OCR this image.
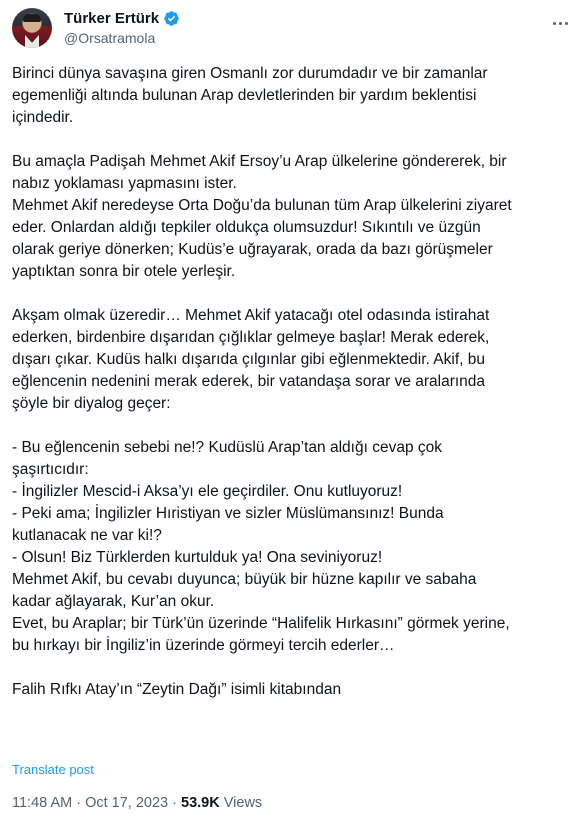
Türker Ertürk
@Orsatramola
Birinci dünya savaşına giren Osmanlı zor durumdadır ve bir zamanlar
egemenliği altında bulunan Arap devletlerinden bir yardım beklentisi
içindedir.
Bu amaçla Padişah Mehmet Akif Ersoy’u Arap ülkelerine göndererek, bir
nabız yoklaması yapmasını ister.
Mehmet Akif neredeyse Orta Doğu’da bulunan tüm Arap ülkelerini ziyaret
eder. Onlardan aldığı tepkiler oldukça olumsuzdur! Sıkıntılı ve üzgün
olarak geriye dönerken; Kudüs’e uğrayarak, orada da bazı görüşmeler
yaptıktan sonra bir otele yerleşir.
Akşam olmak üzeredir… Mehmet Akif yatacağı otel odasında istirahat
ederken, birdenbire dışarıdan çığlıklar gelmeye başlar! Merak ederek,
dışarı çıkar. Kudüs halkı dışarıda çılgınlar gibi eğlenmektedir. Akif, bu
eğlencenin nedenini merak ederek, bir vatandaşa sorar ve aralarında
şöyle bir diyalog geçer:
- Bu eğlencenin sebebi ne!? Kudüslü Arap’tan aldığı cevap çok
şaşırtıcıdır:
- İngilizler Mescid-i Aksa’yı ele geçirdiler. Onu kutluyoruz!
- Peki ama; İngilizler Hıristiyan ve sizler Müslümansınız! Bunda
kutlanacak ne var ki!?
- Olsun! Biz Türklerden kurtulduk ya! Ona seviniyoruz!
Mehmet Akif, bu cevabı duyunca; büyük bir hüzne kapılır ve sabaha
kadar ağlayarak, Kur’an okur.
Evet, bu Araplar; bir Türk’ün üzerinde “Halifelik Hırkasını” görmek yerine,
bu hırkayı bir İngiliz’in üzerinde görmeyi tercih ederler…
Falih Rıfkı Atay’ın “Zeytin Dağı” isimli kitabından
Translate post
11:48 AM · Oct 17, 2023 · 53.9K Views
